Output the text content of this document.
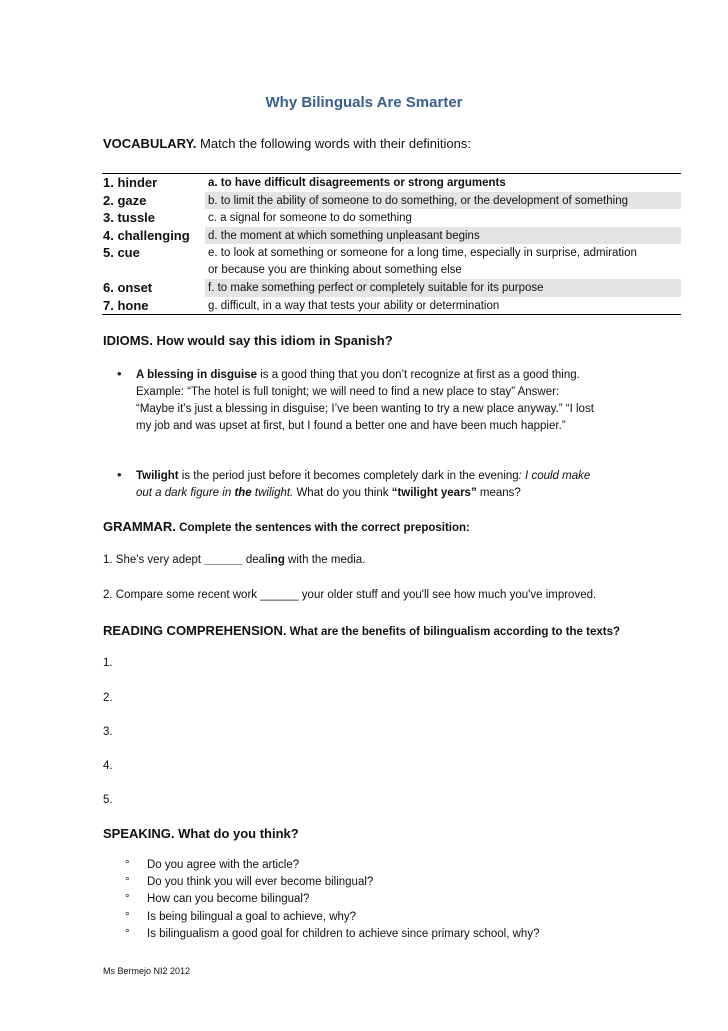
Why Bilinguals Are Smarter
VOCABULARY. Match the following words with their definitions:
1. hinder	a. to have difficult disagreements or strong arguments
2. gaze	b. to limit the ability of someone to do something, or the development of something
3. tussle	c. a signal for someone to do something
4. challenging d. the moment at which something unpleasant begins
5. cue	e. to look at something or someone for a long time, especially in surprise, admiration
or because you are thinking about something else
6. onset	f. to make something perfect or completely suitable for its purpose
7. hone	g. difficult, in a way that tests your ability or determination
IDIOMS. How would say this idiom in Spanish?
• A blessing in disguise is a good thing that you don’t recognize at first as a good thing.
Example: “The hotel is full tonight; we will need to find a new place to stay” Answer:
“Maybe it’s just a blessing in disguise; I’ve been wanting to try a new place anyway.” “I lost
my job and was upset at first, but I found a better one and have been much happier.”
• Twilight is the period just before it becomes completely dark in the evening: I could make
out a dark figure in the twilight. What do you think “twilight years” means?
GRAMMAR. Complete the sentences with the correct preposition:
1. She's very adept ______ dealing with the media.
2. Compare some recent work ______ your older stuff and you'll see how much you've improved.
READING COMPREHENSION. What are the benefits of bilingualism according to the texts?
1.
2.
3.
4.
5.
SPEAKING. What do you think?
° Do you agree with the article?
° Do you think you will ever become bilingual?
° How can you become bilingual?
° Is being bilingual a goal to achieve, why?
° Is bilingualism a good goal for children to achieve since primary school, why?
Ms Bermejo NI2 2012
